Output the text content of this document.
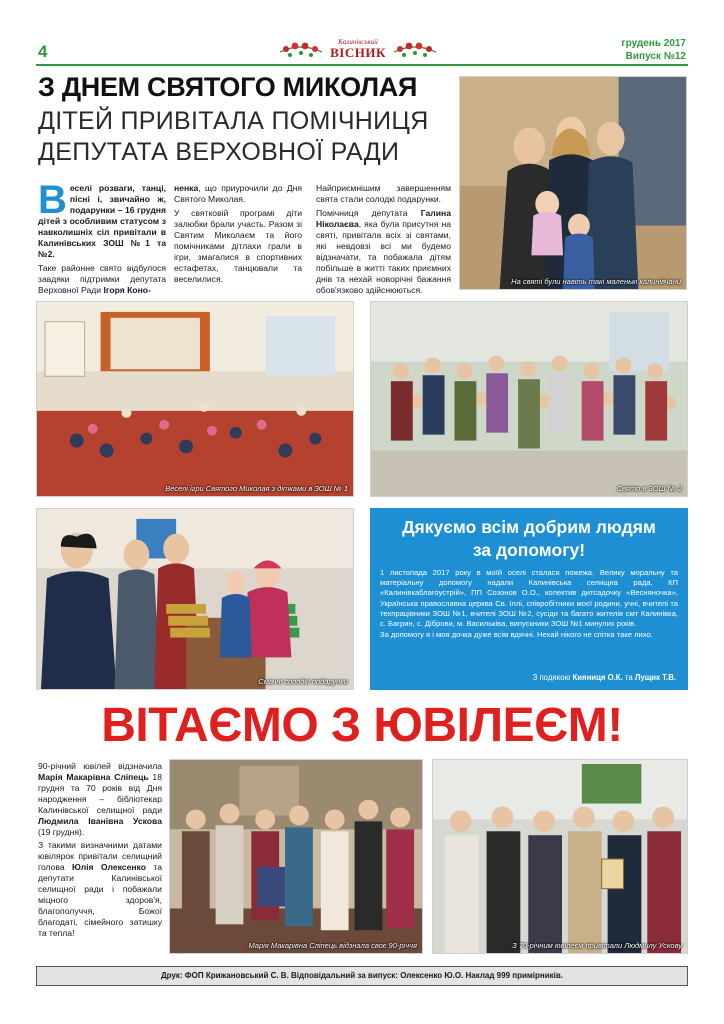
4	Калинівський
ВІСНИК
грудень 2017
Випуск №12
З ДНЕМ СВЯТОГО МИКОЛАЯ
ДІТЕЙ ПРИВІТАЛА ПОМІЧНИЦЯ
ДЕПУТАТА ВЕРХОВНОЇ РАДИ

Веселі розваги, танці, пісні і, звичайно ж, подарунки – 16 грудня дітей з особливим статусом з навколишніх сіл привітали в Калинівських ЗОШ №1 та №2.

Таке районне свято відбулося завдяки підтримки депутата Верховної Ради Ігоря Коно-

ненка, що приурочили до Дня Святого Миколая.

У святковій програмі діти залюбки брали участь. Разом зі Святим Миколаєм та його помічниками дітлахи грали в ігри, змагалися в спортивних естафетах, танцювали та веселилися.

Найприємнішим завершенням свята стали солодкі подарунки.

Помічниця депутата Галина Ніколаєва, яка була присутня на святі, привітала всіх зі святами, які невдовзі всі ми будемо відзначати, та побажала дітям побільше в житті таких приємних днів та нехай новорічні бажання обов'язково здійснюються.

На святі були навіть такі маленькі калинівчани
Веселі ігри Святого Миколая з дітками в ЗОШ № 1	Свято в ЗОШ № 2
Смачні солодкі подарунки
Дякуємо всім добрим людям
за допомогу!

1 листопада 2017 року в моїй оселі сталася пожежа. Велику моральну та матеріальну допомогу надали Калинівська селищна рада, КП «Калинівкаблагоустрій», ПП Созонов О.О., колектив дитсадочку «Весняночка», Українська православна церква Св. Іллі, співробітники моєї родини, учні, вчителі та техпрацівники ЗОШ №1, вчителі ЗОШ №2, сусіди та багато жителів смт Калинівка, с. Багрин, с. Діброви, м. Васильківа, випускники ЗОШ №1 минулих років.

За допомогу я і моя дочка дуже всім вдячні. Нехай нікого не спітка таке лихо.

З подякою Кияниця О.К. та Лущик Т.В.
ВІТАЄМО З ЮВІЛЕЄМ!

90-річний ювілей відзначила Марія Макарівна Сліпець 18 грудня та 70 років від Дня народження – бібліотекар Калинівської селищної ради Людмила Іванівна Ускова (19 грудня).

З такими визначними датами ювілярок привітали селищний голова Юлія Олексенко та депутати Калинівської селищної ради і побажали міцного здоров'я, благополуччя, Божої благодаті, сімейного затишку та тепла!

Марія Макарівна Сліпець відзнала своє 90-річчя	З 70-річним ювілеєм привітали Людмилу Ускову
Друк: ФОП Крижановський С. В. Відповідальний за випуск: Олексенко Ю.О. Наклад 999 примірників.
